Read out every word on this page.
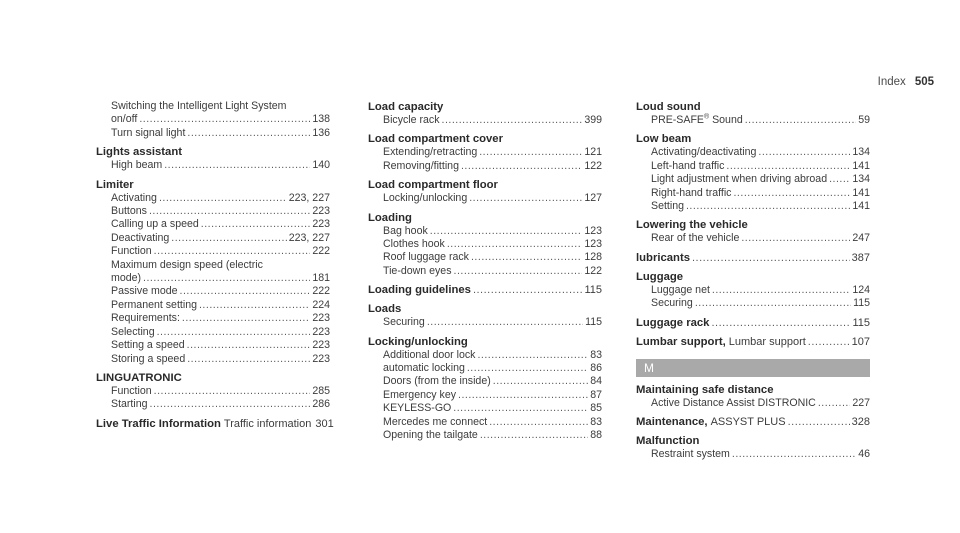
Index 505
Switching the Intelligent Light System
on/off .....	138
Turn signal light .....	136
Lights assistant
High beam .....	140
Limiter
Activating .....	223, 227
Buttons .....	223
Calling up a speed .....	223
Deactivating .....	223, 227
Function .....	222
Maximum design speed (electric
mode) .....	181
Passive mode .....	222
Permanent setting .....	224
Requirements: .....	223
Selecting .....	223
Setting a speed .....	223
Storing a speed .....	223
LINGUATRONIC
Function .....	285
Starting .....	286
Live Traffic Information Traffic information 301
Load capacity
Bicycle rack .....	399
Load compartment cover
Extending/retracting .....	121
Removing/fitting .....	122
Load compartment floor
Locking/unlocking .....	127
Loading
Bag hook .....	123
Clothes hook .....	123
Roof luggage rack .....	128
Tie-down eyes .....	122
Loading guidelines .....	115
Loads
Securing .....	115
Locking/unlocking
Additional door lock .....	83
automatic locking .....	86
Doors (from the inside) .....	84
Emergency key .....	87
KEYLESS-GO .....	85
Mercedes me connect .....	83
Opening the tailgate .....	88
Loud sound
PRE-SAFE® Sound .....	59
Low beam
Activating/deactivating .....	134
Left-hand traffic .....	141
Light adjustment when driving abroad ..... 134
Right-hand traffic .....	141
Setting .....	141
Lowering the vehicle
Rear of the vehicle .....	247
lubricants .....	387
Luggage
Luggage net .....	124
Securing .....	115
Luggage rack .....	115
Lumbar support, Lumbar support .....	107
M
Maintaining safe distance
Active Distance Assist DISTRONIC .....	227
Maintenance, ASSYST PLUS .....	328
Malfunction
Restraint system .....	46
